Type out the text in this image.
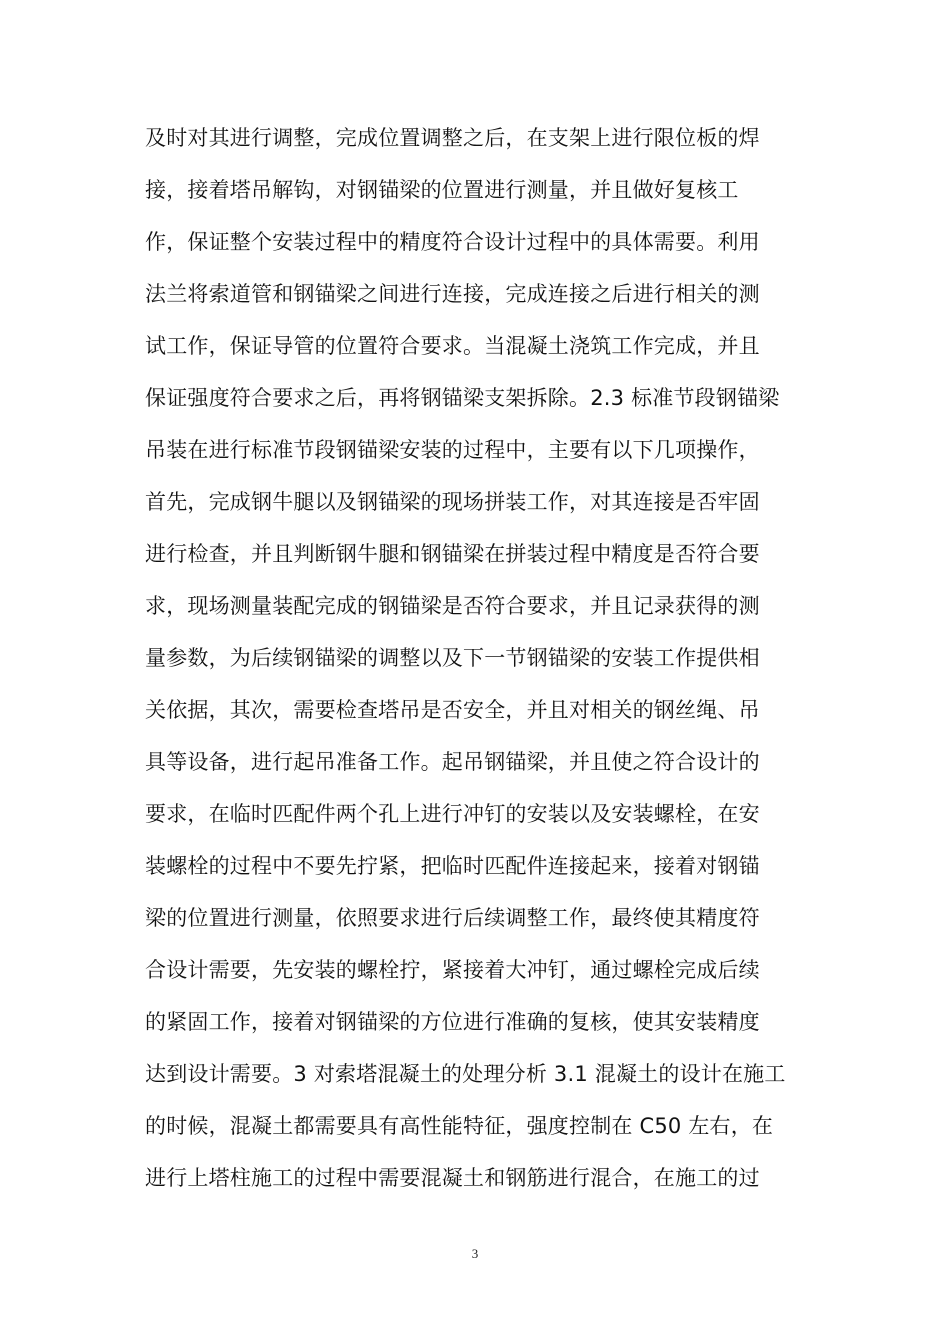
及时对其进行调整，完成位置调整之后，在支架上进行限位板的焊
接，接着塔吊解钩，对钢锚梁的位置进行测量，并且做好复核工
作，保证整个安装过程中的精度符合设计过程中的具体需要。利用
法兰将索道管和钢锚梁之间进行连接，完成连接之后进行相关的测
试工作，保证导管的位置符合要求。当混凝土浇筑工作完成，并且
保证强度符合要求之后，再将钢锚梁支架拆除。2.3 标准节段钢锚梁
吊装在进行标准节段钢锚梁安装的过程中，主要有以下几项操作，
首先，完成钢牛腿以及钢锚梁的现场拼装工作，对其连接是否牢固
进行检查，并且判断钢牛腿和钢锚梁在拼装过程中精度是否符合要
求，现场测量装配完成的钢锚梁是否符合要求，并且记录获得的测
量参数，为后续钢锚梁的调整以及下一节钢锚梁的安装工作提供相
关依据，其次，需要检查塔吊是否安全，并且对相关的钢丝绳、吊
具等设备，进行起吊准备工作。起吊钢锚梁，并且使之符合设计的
要求，在临时匹配件两个孔上进行冲钉的安装以及安装螺栓，在安
装螺栓的过程中不要先拧紧，把临时匹配件连接起来，接着对钢锚
梁的位置进行测量，依照要求进行后续调整工作，最终使其精度符
合设计需要，先安装的螺栓拧，紧接着大冲钉，通过螺栓完成后续
的紧固工作，接着对钢锚梁的方位进行准确的复核，使其安装精度
达到设计需要。3 对索塔混凝土的处理分析 3.1 混凝土的设计在施工
的时候，混凝土都需要具有高性能特征，强度控制在 C50 左右，在
进行上塔柱施工的过程中需要混凝土和钢筋进行混合，在施工的过
3
